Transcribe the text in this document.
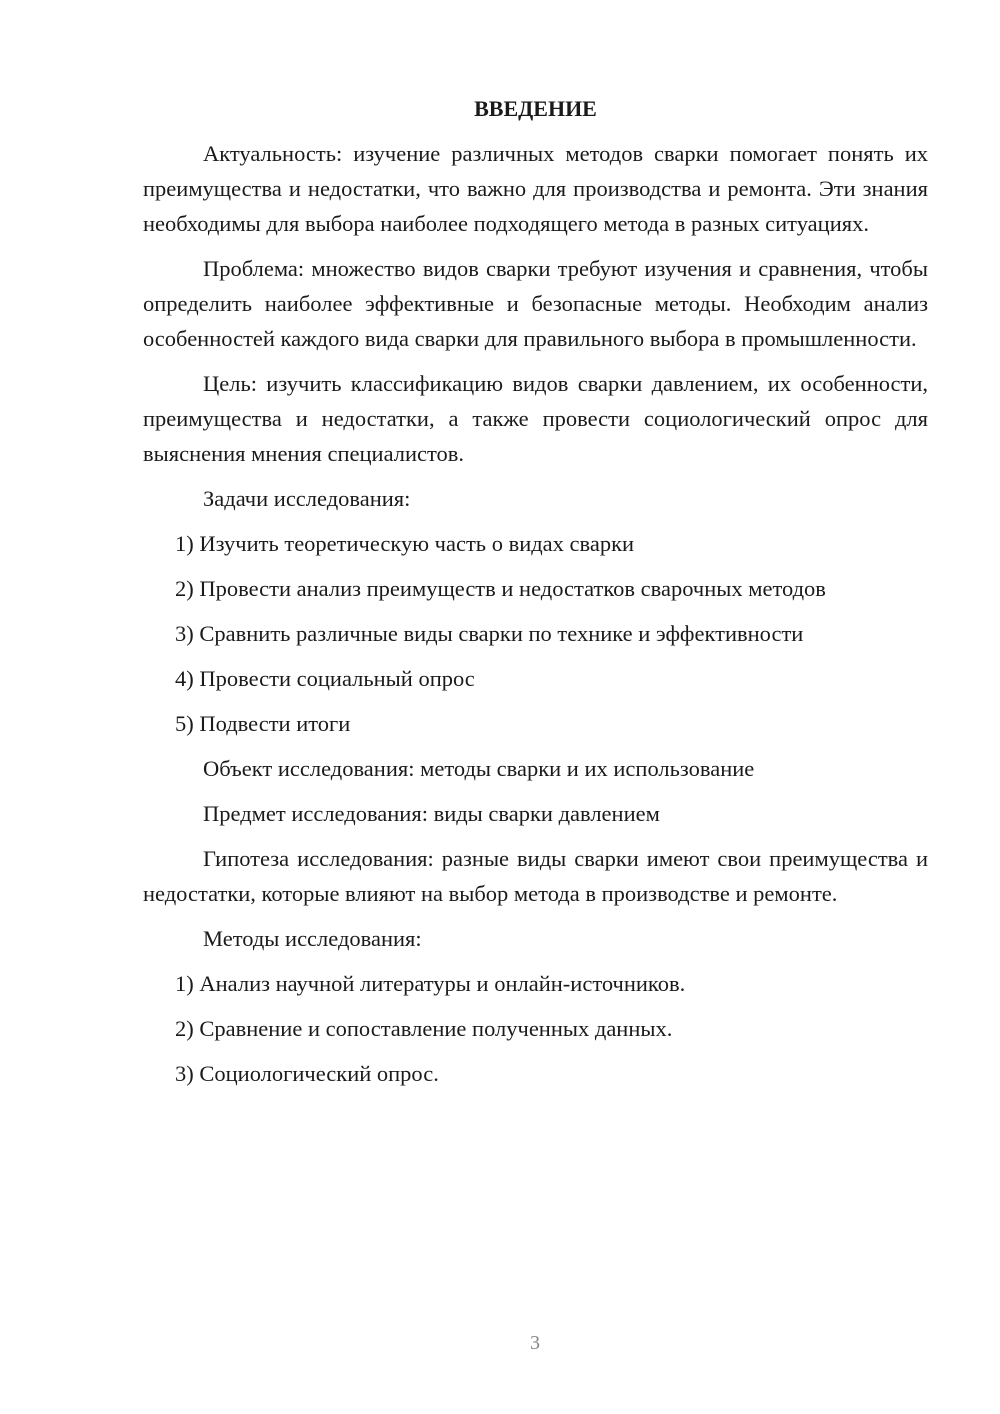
ВВЕДЕНИЕ
Актуальность: изучение различных методов сварки помогает понять их преимущества и недостатки, что важно для производства и ремонта. Эти знания необходимы для выбора наиболее подходящего метода в разных ситуациях.
Проблема: множество видов сварки требуют изучения и сравнения, чтобы определить наиболее эффективные и безопасные методы. Необходим анализ особенностей каждого вида сварки для правильного выбора в промышленности.
Цель: изучить классификацию видов сварки давлением, их особенности, преимущества и недостатки, а также провести социологический опрос для выяснения мнения специалистов.
Задачи исследования:
1) Изучить теоретическую часть о видах сварки
2) Провести анализ преимуществ и недостатков сварочных методов
3) Сравнить различные виды сварки по технике и эффективности
4) Провести социальный опрос
5) Подвести итоги
Объект исследования: методы сварки и их использование
Предмет исследования: виды сварки давлением
Гипотеза исследования: разные виды сварки имеют свои преимущества и недостатки, которые влияют на выбор метода в производстве и ремонте.
Методы исследования:
1) Анализ научной литературы и онлайн-источников.
2) Сравнение и сопоставление полученных данных.
3) Социологический опрос.
3
